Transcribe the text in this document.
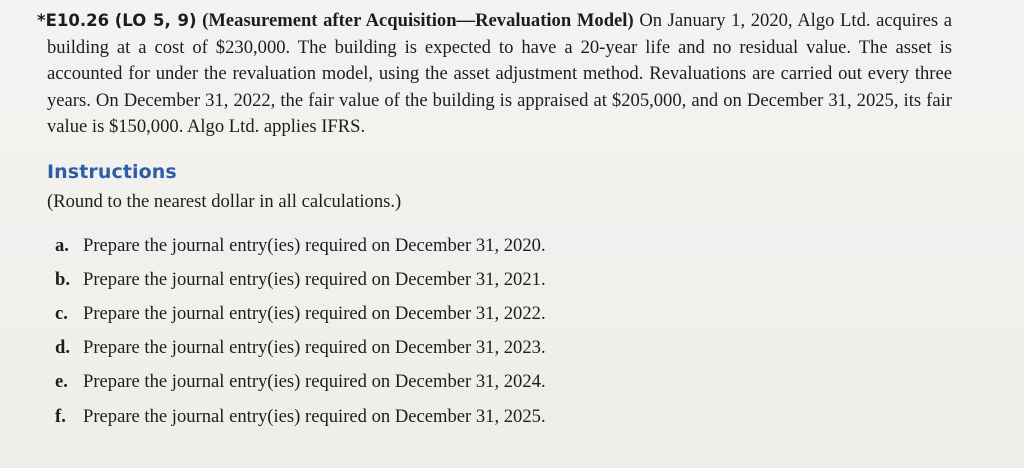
*E10.26 (LO 5, 9) (Measurement after Acquisition—Revaluation Model) On January 1, 2020, Algo Ltd. acquires a building at a cost of $230,000. The building is expected to have a 20-year life and no residual value. The asset is accounted for under the revaluation model, using the asset adjustment method. Revaluations are carried out every three years. On December 31, 2022, the fair value of the building is appraised at $205,000, and on December 31, 2025, its fair value is $150,000. Algo Ltd. applies IFRS.

Instructions
(Round to the nearest dollar in all calculations.)
a. Prepare the journal entry(ies) required on December 31, 2020.
b. Prepare the journal entry(ies) required on December 31, 2021.
c. Prepare the journal entry(ies) required on December 31, 2022.
d. Prepare the journal entry(ies) required on December 31, 2023.
e. Prepare the journal entry(ies) required on December 31, 2024.
f. Prepare the journal entry(ies) required on December 31, 2025.
